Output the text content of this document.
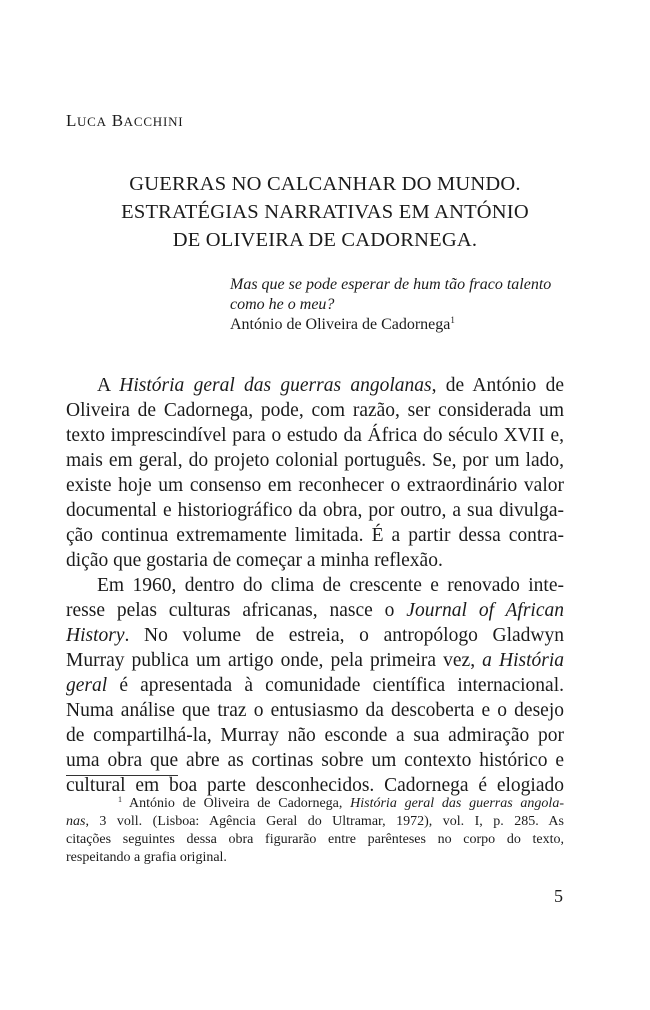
LUCA BACCHINI

GUERRAS NO CALCANHAR DO MUNDO.
ESTRATÉGIAS NARRATIVAS EM ANTÓNIO
DE OLIVEIRA DE CADORNEGA.
Mas que se pode esperar de hum tão fraco talento
como he o meu?
António de Oliveira de Cadornega$^1$
A História geral das guerras angolanas, de António de
Oliveira de Cadornega, pode, com razão, ser considerada um
texto imprescindível para o estudo da África do século XVII e,
mais em geral, do projeto colonial português. Se, por um lado,
existe hoje um consenso em reconhecer o extraordinário valor
documental e historiográfico da obra, por outro, a sua divulga-
ção continua extremamente limitada. É a partir dessa contra-
dição que gostaria de começar a minha reflexão.
Em 1960, dentro do clima de crescente e renovado inte-
resse pelas culturas africanas, nasce o Journal of African
History. No volume de estreia, o antropólogo Gladwyn
Murray publica um artigo onde, pela primeira vez, a História
geral é apresentada à comunidade científica internacional.
Numa análise que traz o entusiasmo da descoberta e o desejo
de compartilhá-la, Murray não esconde a sua admiração por
uma obra que abre as cortinas sobre um contexto histórico e
cultural em boa parte desconhecidos. Cadornega é elogiado
$^1$ António de Oliveira de Cadornega, História geral das guerras angola-
nas, 3 voll. (Lisboa: Agência Geral do Ultramar, 1972), vol. I, p. 285. As
citações seguintes dessa obra figurarão entre parênteses no corpo do texto,
respeitando a grafia original.

5
